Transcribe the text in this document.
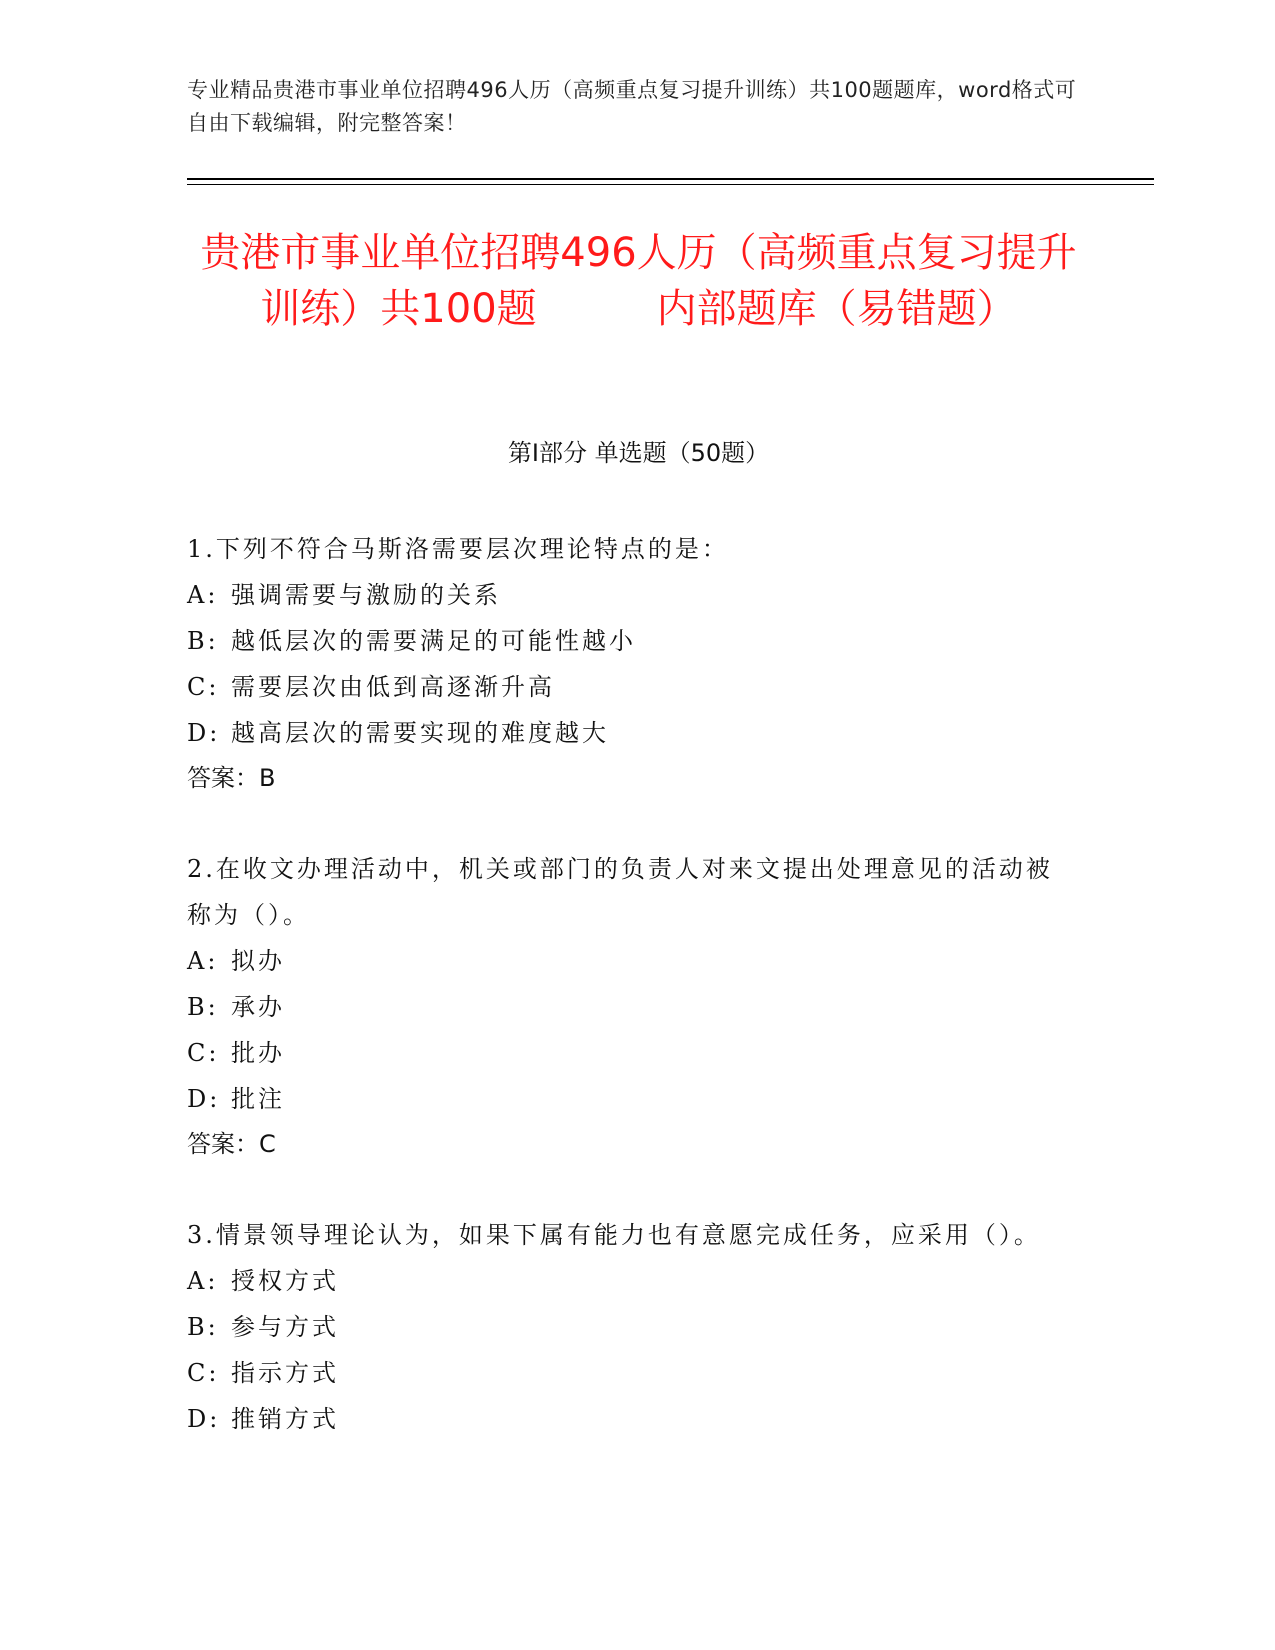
专业精品贵港市事业单位招聘496人历（高频重点复习提升训练）共100题题库，word格式可自由下载编辑，附完整答案！
贵港市事业单位招聘496人历（高频重点复习提升训练）共100题	内部题库（易错题）
第I部分 单选题（50题）

1.下列不符合马斯洛需要层次理论特点的是：

A: 强调需要与激励的关系
B: 越低层次的需要满足的可能性越小
C: 需要层次由低到高逐渐升高
D: 越高层次的需要实现的难度越大
答案：B

2.在收文办理活动中，机关或部门的负责人对来文提出处理意见的活动被称为（）。

A: 拟办
B: 承办
C: 批办
D: 批注
答案：C

3.情景领导理论认为，如果下属有能力也有意愿完成任务，应采用（）。

A: 授权方式
B: 参与方式
C: 指示方式
D: 推销方式
